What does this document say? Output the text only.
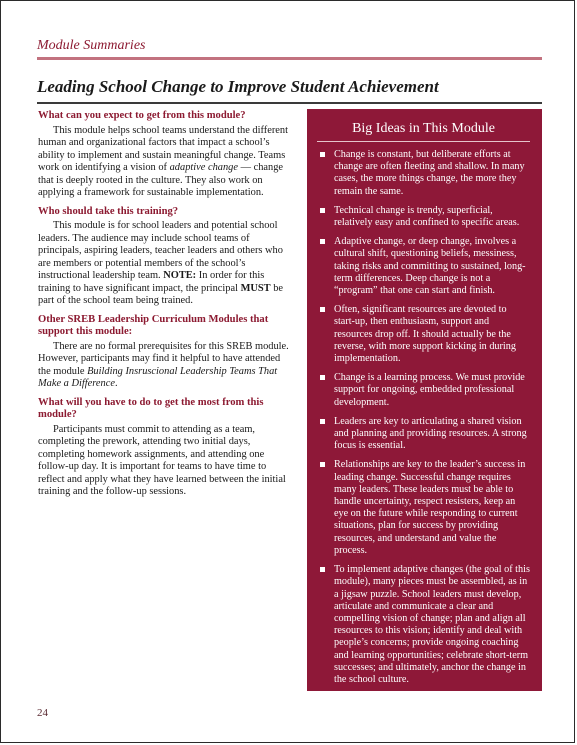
Module Summaries
Leading School Change to Improve Student Achievement
What can you expect to get from this module?

This module helps school teams understand the different human and organizational factors that impact a school’s ability to implement and sustain meaningful change. Teams work on identifying a vision of adaptive change — change that is deeply rooted in the culture. They also work on applying a framework for sustainable implementation.

Who should take this training?

This module is for school leaders and potential school leaders. The audience may include school teams of principals, aspiring leaders, teacher leaders and others who are members or potential members of the school’s instructional leadership team. NOTE: In order for this training to have significant impact, the principal MUST be part of the school team being trained.

Other SREB Leadership Curriculum Modules that support this module:

There are no formal prerequisites for this SREB module. However, participants may find it helpful to have attended the module Building Insruscional Leadership Teams That Make a Difference.

What will you have to do to get the most from this module?

Participants must commit to attending as a team, completing the prework, attending two initial days, completing homework assignments, and attending one follow-up day. It is important for teams to have time to reflect and apply what they have learned between the initial training and the follow-up sessions.

Big Ideas in This Module
Change is constant, but deliberate efforts at change are often fleeting and shallow. In many cases, the more things change, the more they remain the same.
Technical change is trendy, superficial, relatively easy and confined to specific areas.
Adaptive change, or deep change, involves a cultural shift, questioning beliefs, messiness, taking risks and committing to sustained, long-term differences. Deep change is not a “program” that one can start and finish.
Often, significant resources are devoted to start-up, then enthusiasm, support and resources drop off. It should actually be the reverse, with more support kicking in during implementation.
Change is a learning process. We must provide support for ongoing, embedded professional development.
Leaders are key to articulating a shared vision and planning and providing resources. A strong focus is essential.
Relationships are key to the leader’s success in leading change. Successful change requires many leaders. These leaders must be able to handle uncertainty, respect resisters, keep an eye on the future while responding to current situations, plan for success by providing resources, and understand and value the process.
To implement adaptive changes (the goal of this module), many pieces must be assembled, as in a jigsaw puzzle. School leaders must develop, articulate and communicate a clear and compelling vision of change; plan and align all resources to this vision; identify and deal with people’s concerns; provide ongoing coaching and learning opportunities; celebrate short-term successes; and ultimately, anchor the change in the school culture.
Use data to refine your vision, create a sense of urgency, make decisions and monitor progress.
24
